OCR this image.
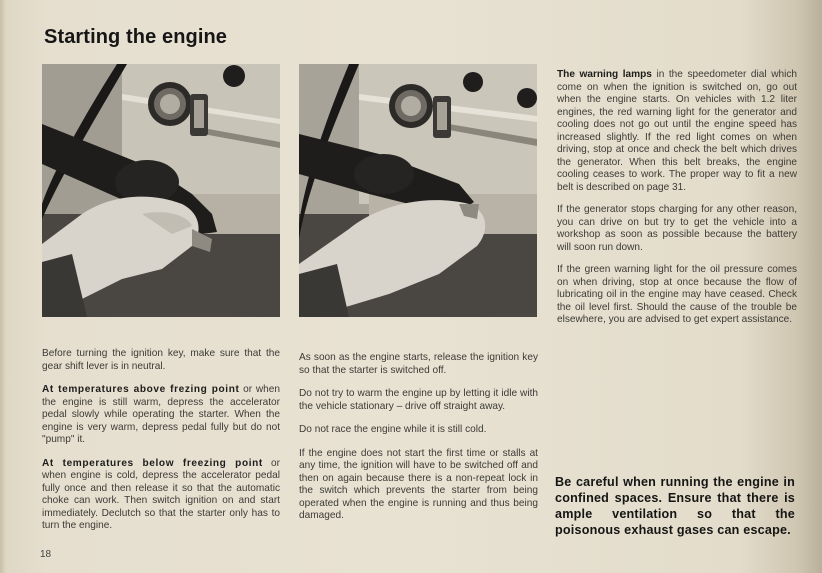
Starting the engine

Before turning the ignition key, make sure that the gear shift lever is in neutral.

At temperatures above frezing point or when the engine is still warm, depress the accelerator pedal slowly while operating the starter. When the engine is very warm, depress pedal fully but do not "pump" it.

At temperatures below freezing point or when engine is cold, depress the accelerator pedal fully once and then release it so that the automatic choke can work. Then switch ignition on and start immediately. Declutch so that the starter only has to turn the engine.

As soon as the engine starts, release the ignition key so that the starter is switched off.

Do not try to warm the engine up by letting it idle with the vehicle stationary – drive off straight away.

Do not race the engine while it is still cold.

If the engine does not start the first time or stalls at any time, the ignition will have to be switched off and then on again because there is a non-repeat lock in the switch which prevents the starter from being operated when the engine is running and thus being damaged.

The warning lamps in the speedometer dial which come on when the ignition is switched on, go out when the engine starts. On vehicles with 1.2 liter engines, the red warning light for the generator and cooling does not go out until the engine speed has increased slightly. If the red light comes on when driving, stop at once and check the belt which drives the generator. When this belt breaks, the engine cooling ceases to work. The proper way to fit a new belt is described on page 31.

If the generator stops charging for any other reason, you can drive on but try to get the vehicle into a workshop as soon as possible because the battery will soon run down.

If the green warning light for the oil pressure comes on when driving, stop at once because the flow of lubricating oil in the engine may have ceased. Check the oil level first. Should the cause of the trouble be elsewhere, you are advised to get expert assistance.

Be careful when running the engine in confined spaces. Ensure that there is ample ventilation so that the poisonous exhaust gases can escape.

18
